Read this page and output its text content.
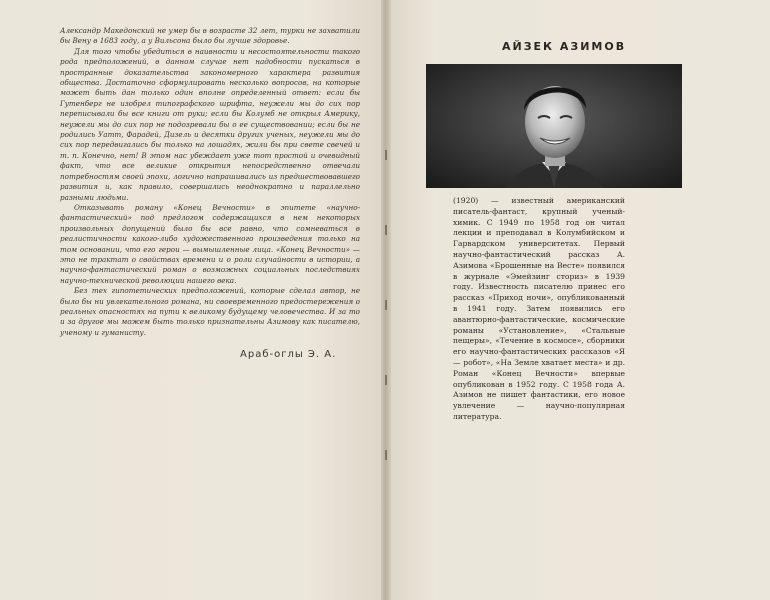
Александр Македонский не умер бы в возрасте 32 лет, турки не захватили бы Вену в 1683 году, а у Вильсона было бы лучше здоровье.

Для того чтобы убедиться в наивности и несостоятельности такого рода предположений, в данном случае нет надобности пускаться в пространные доказательства закономерного характера развития общества. Достаточно сформулировать несколько вопросов, на которые может быть дан только один вполне определенный ответ: если бы Гутенберг не изобрел типографского шрифта, неужели мы до сих пор переписывали бы все книги от руки; если бы Колумб не открыл Америку, неужели мы до сих пор не подозревали бы о ее существовании; если бы не родились Уатт, Фарадей, Дизель и десятки других ученых, неужели мы до сих пор передвигались бы только на лошадях, жили бы при свете свечей и т. п. Конечно, нет! В этом нас убеждает уже тот простой и очевидный факт, что все великие открытия непосредственно отвечали потребностям своей эпохи, логично напрашивались из предшествовавшего развития и, как правило, совершались неоднократно и параллельно разными людьми.

Отказывать роману «Конец Вечности» в эпитете «научно-фантастический» под предлогом содержащихся в нем некоторых произвольных допущений было бы все равно, что сомневаться в реалистичности какого-либо художественного произведения только на том основании, что его герои — вымышленные лица. «Конец Вечности» — это не трактат о свойствах времени и о роли случайности в истории, а научно-фантастический роман о возможных социальных последствиях научно-технической революции нашего века.

Без тех гипотетических предположений, которые сделал автор, не было бы ни увлекательного романа, ни своевременного предостережения о реальных опасностях на пути к великому будущему человечества. И за то и за другое мы можем быть только признательны Азимову как писателю, ученому и гуманисту.

Араб-оглы Э. А.
АЙЗЕК АЗИМОВ

(1920) — известный американский писатель-фантаст, крупный ученый-химик. С 1949 по 1958 год он читал лекции и преподавал в Колумбийском и Гарвардском университетах. Первый научно-фантастический рассказ А. Азимова «Брошенные на Весте» появился в журнале «Эмейзинг сториз» в 1939 году. Известность писателю принес его рассказ «Приход ночи», опубликованный в 1941 году. Затем появились его авантюрно-фантастические, космические романы «Установление», «Стальные пещеры», «Течение в космосе», сборники его научно-фантастических рассказов «Я — робот», «На Земле хватает места» и др. Роман «Конец Вечности» впервые опубликован в 1952 году. С 1958 года А. Азимов не пишет фантастики, его новое увлечение — научно-популярная литература.
